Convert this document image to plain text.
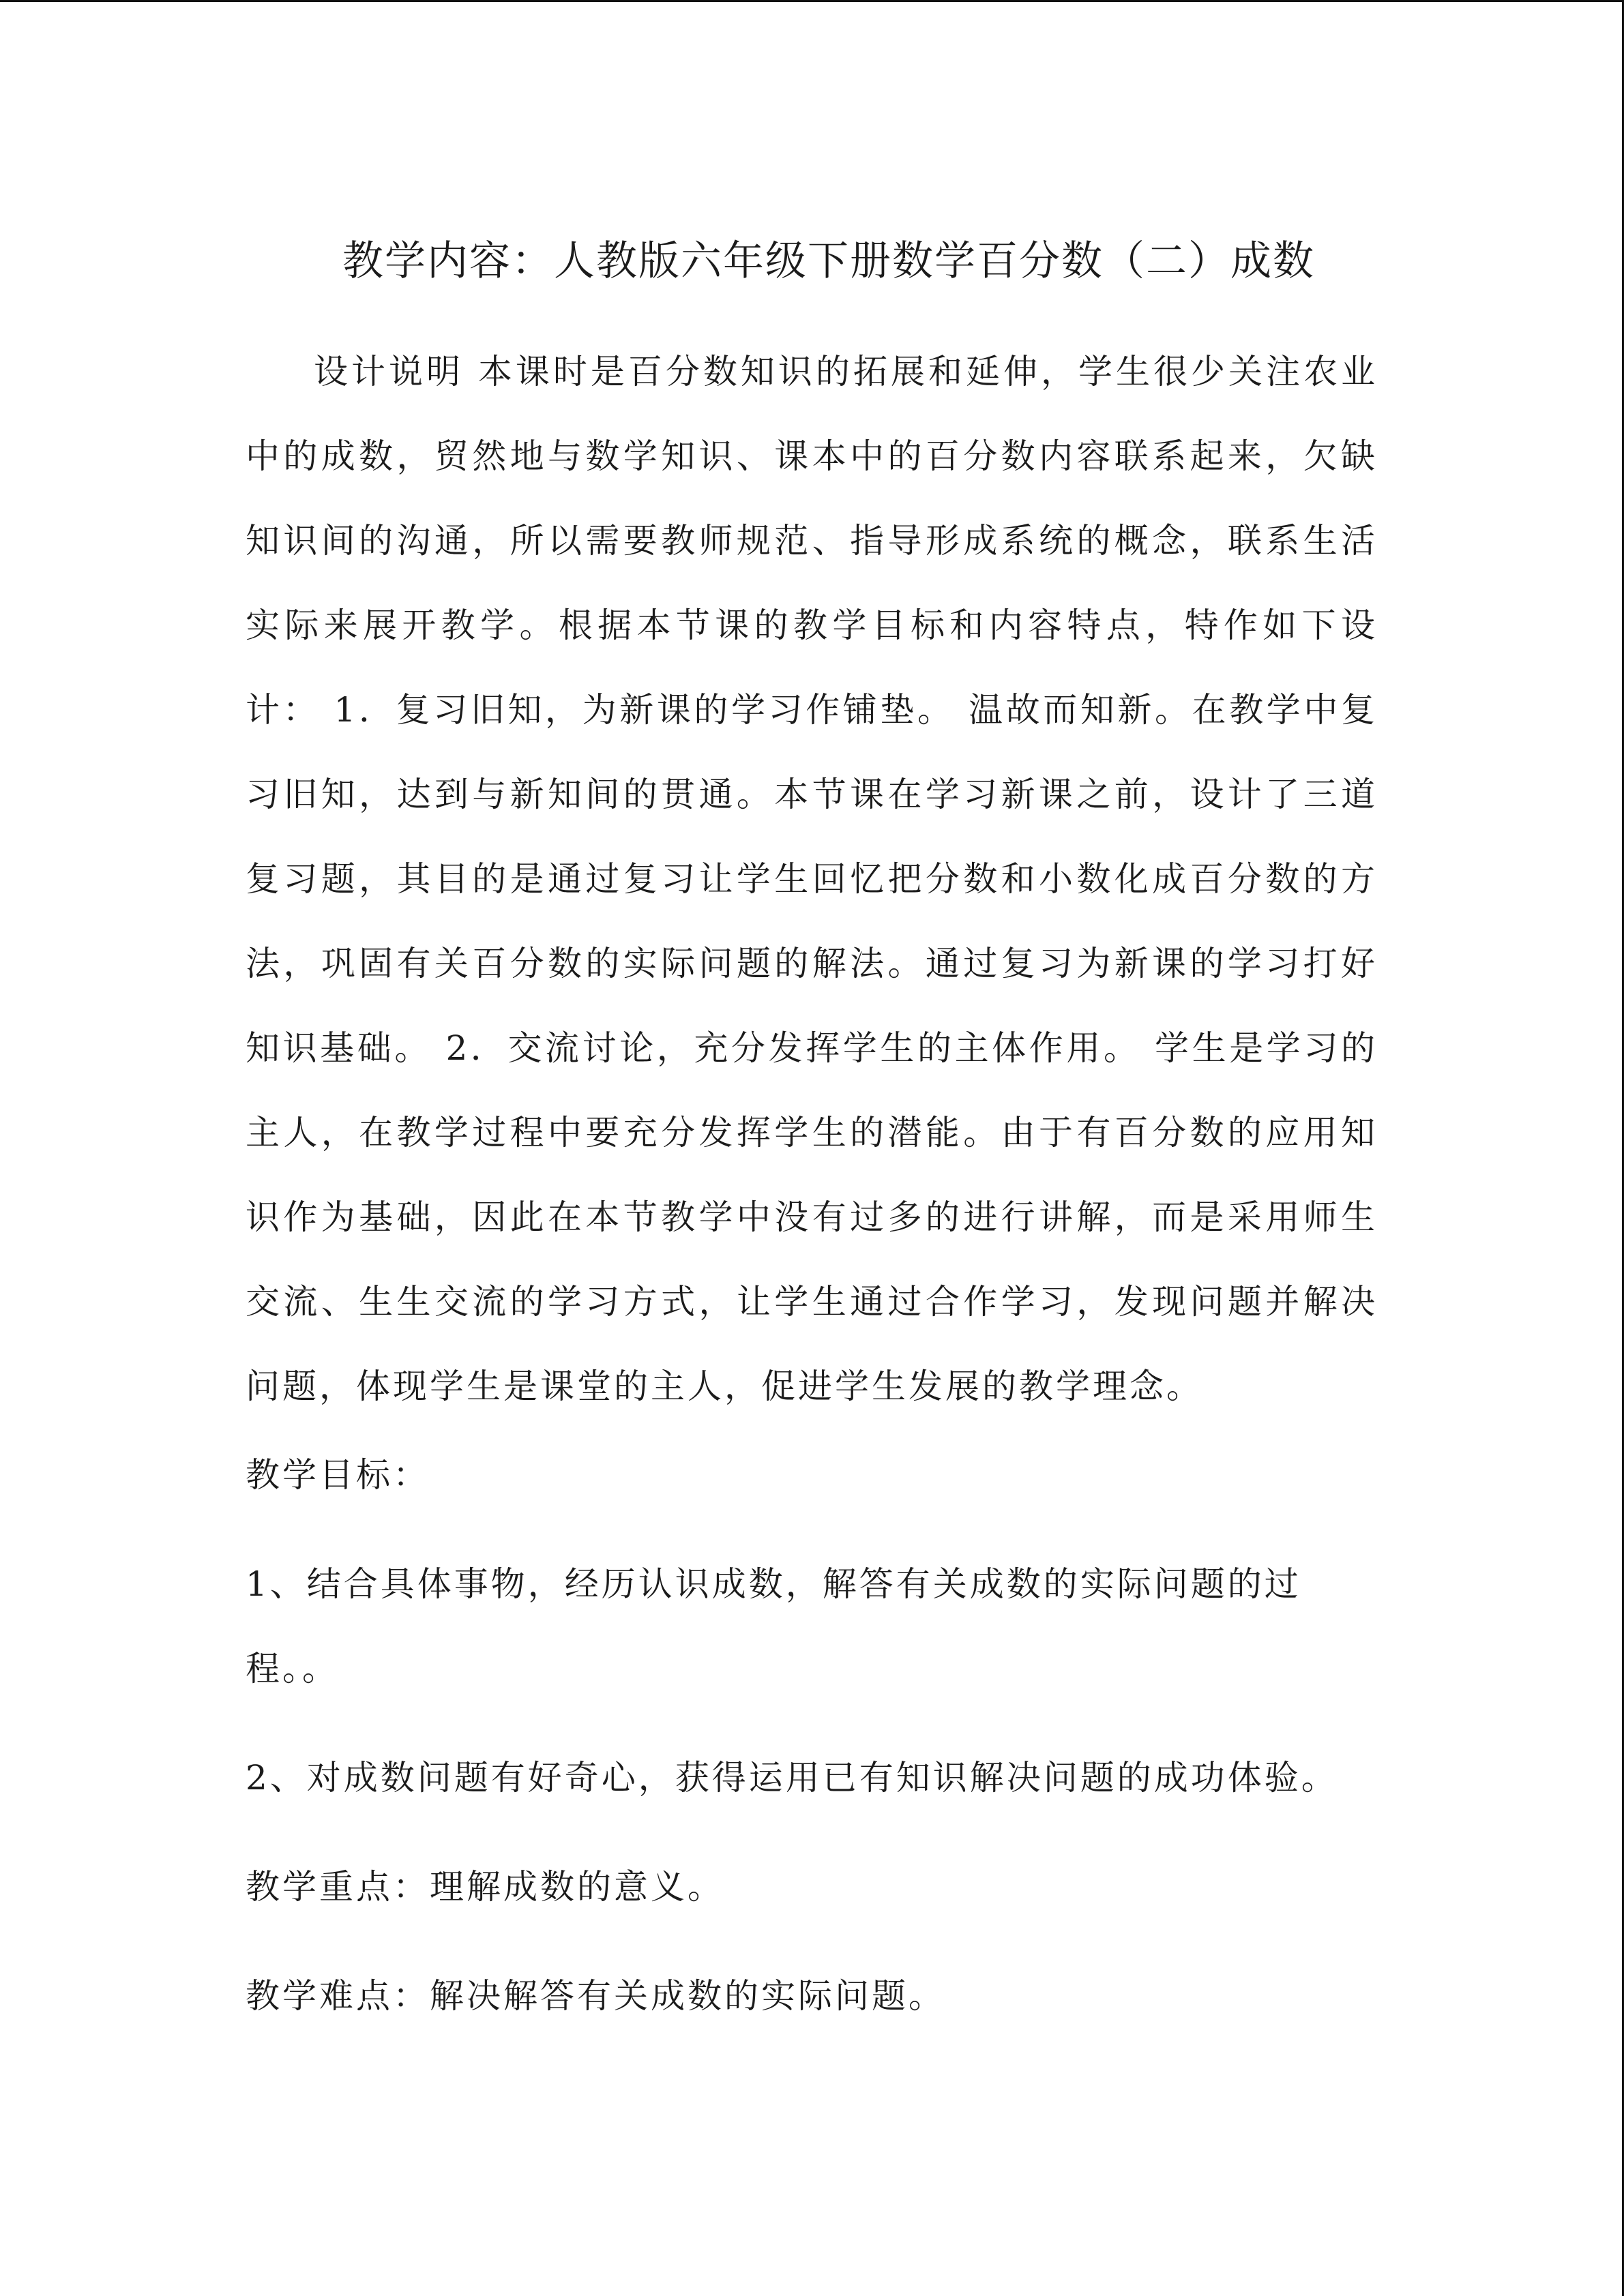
教学内容：人教版六年级下册数学百分数（二）成数

设计说明 本课时是百分数知识的拓展和延伸，学生很少关注农业中的成数，贸然地与数学知识、课本中的百分数内容联系起来，欠缺知识间的沟通，所以需要教师规范、指导形成系统的概念，联系生活实际来展开教学。根据本节课的教学目标和内容特点，特作如下设计： 1．复习旧知，为新课的学习作铺垫。 温故而知新。在教学中复习旧知，达到与新知间的贯通。本节课在学习新课之前，设计了三道复习题，其目的是通过复习让学生回忆把分数和小数化成百分数的方法，巩固有关百分数的实际问题的解法。通过复习为新课的学习打好知识基础。 2．交流讨论，充分发挥学生的主体作用。 学生是学习的主人，在教学过程中要充分发挥学生的潜能。由于有百分数的应用知识作为基础，因此在本节教学中没有过多的进行讲解，而是采用师生交流、生生交流的学习方式，让学生通过合作学习，发现问题并解决问题，体现学生是课堂的主人，促进学生发展的教学理念。

教学目标：

1、结合具体事物，经历认识成数，解答有关成数的实际问题的过程。。

2、对成数问题有好奇心，获得运用已有知识解决问题的成功体验。

教学重点：理解成数的意义。

教学难点：解决解答有关成数的实际问题。
